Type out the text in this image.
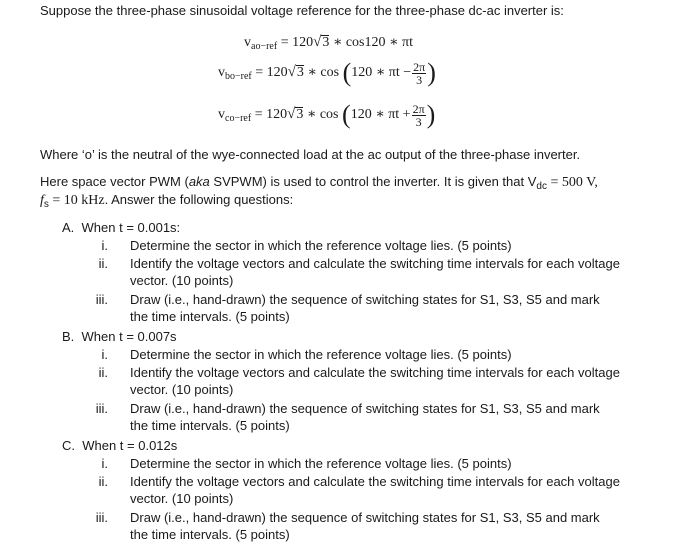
Suppose the three-phase sinusoidal voltage reference for the three-phase dc-ac inverter is:
$v_{ao-ref} = 120√3$ ∗ cos120 ∗ πt
$v_{bo-ref} = 120√3$ ∗ cos (120 ∗ $\pi t - \frac{2\pi}{3}$ )
$v_{co-ref} = 120√3$ ∗ cos (120 ∗ $\pi t + \frac{2\pi}{3}$ )
Where ‘o’ is the neutral of the wye-connected load at the ac output of the three-phase inverter.
Here space vector PWM (aka SVPWM) is used to control the inverter. It is given that $V_{dc} = 500$ V,
$f_s = 10$ kHz. Answer the following questions:
A. When t = 0.001s:
i. Determine the sector in which the reference voltage lies. (5 points)
ii. Identify the voltage vectors and calculate the switching time intervals for each voltage vector. (10 points)
iii. Draw (i.e., hand-drawn) the sequence of switching states for S1, S3, S5 and mark the time intervals. (5 points)
B. When t = 0.007s
i. Determine the sector in which the reference voltage lies. (5 points)
ii. Identify the voltage vectors and calculate the switching time intervals for each voltage vector. (10 points)
iii. Draw (i.e., hand-drawn) the sequence of switching states for S1, S3, S5 and mark the time intervals. (5 points)
C. When t = 0.012s
i. Determine the sector in which the reference voltage lies. (5 points)
ii. Identify the voltage vectors and calculate the switching time intervals for each voltage vector. (10 points)
iii. Draw (i.e., hand-drawn) the sequence of switching states for S1, S3, S5 and mark the time intervals. (5 points)
